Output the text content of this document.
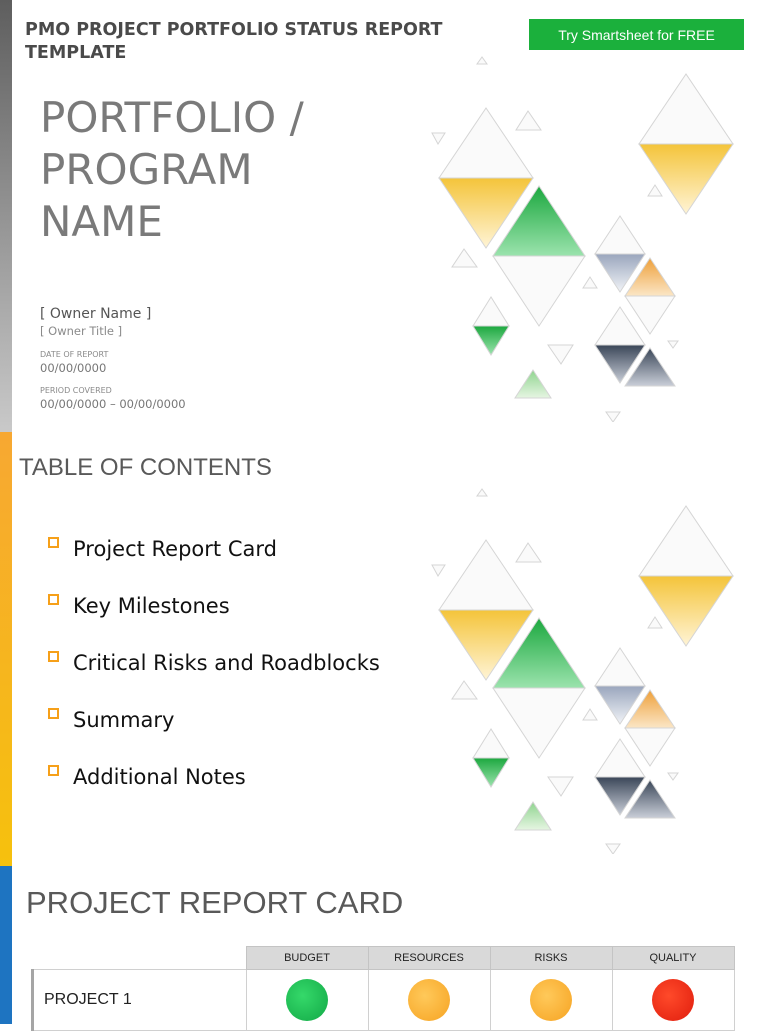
PMO PROJECT PORTFOLIO STATUS REPORT TEMPLATE
Try Smartsheet for FREE
PORTFOLIO / PROGRAM NAME
[ Owner Name ]
[ Owner Title ]
DATE OF REPORT
00/00/0000
PERIOD COVERED
00/00/0000 – 00/00/0000
TABLE OF CONTENTS
Project Report Card
Key Milestones
Critical Risks and Roadblocks
Summary
Additional Notes
PROJECT REPORT CARD
	BUDGET	RESOURCES	RISKS	QUALITY
PROJECT 1				
